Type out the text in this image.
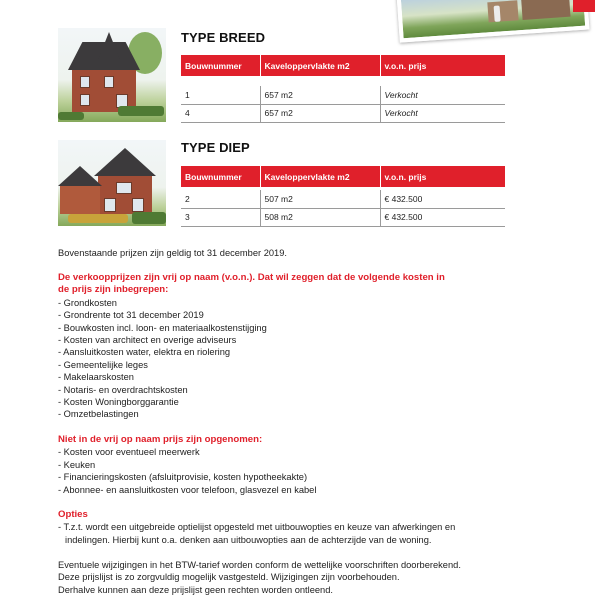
TYPE BREED
Bouwnummer	Kaveloppervlakte m2	v.o.n. prijs

1	657 m2	Verkocht
4	657 m2	Verkocht
TYPE DIEP
Bouwnummer	Kaveloppervlakte m2	v.o.n. prijs

2	507 m2	€ 432.500
3	508 m2	€ 432.500
Bovenstaande prijzen zijn geldig tot 31 december 2019.
De verkoopprijzen zijn vrij op naam (v.o.n.). Dat wil zeggen dat de volgende kosten in
de prijs zijn inbegrepen:
- Grondkosten
- Grondrente tot 31 december 2019
- Bouwkosten incl. loon- en materiaalkostenstijging
- Kosten van architect en overige adviseurs
- Aansluitkosten water, elektra en riolering
- Gemeentelijke leges
- Makelaarskosten
- Notaris- en overdrachtskosten
- Kosten Woningborggarantie
- Omzetbelastingen
Niet in de vrij op naam prijs zijn opgenomen:
- Kosten voor eventueel meerwerk
- Keuken
- Financieringskosten (afsluitprovisie, kosten hypotheekakte)
- Abonnee- en aansluitkosten voor telefoon, glasvezel en kabel
Opties
- T.z.t. wordt een uitgebreide optielijst opgesteld met uitbouwopties en keuze van afwerkingen en
indelingen. Hierbij kunt o.a. denken aan uitbouwopties aan de achterzijde van de woning.
Eventuele wijzigingen in het BTW-tarief worden conform de wettelijke voorschriften doorberekend.
Deze prijslijst is zo zorgvuldig mogelijk vastgesteld. Wijzigingen zijn voorbehouden.
Derhalve kunnen aan deze prijslijst geen rechten worden ontleend.
